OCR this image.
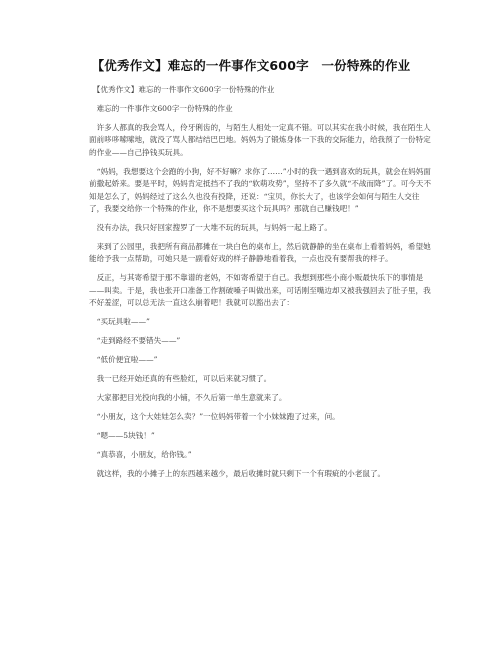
【优秀作文】难忘的一件事作文600字　一份特殊的作业

　【优秀作文】难忘的一件事作文600字一份特殊的作业

　难忘的一件事作文600字一份特殊的作业

　许多人都真的我会骂人，伶牙俐齿的，与陌生人相处一定真不错。可以其实在我小时候，我在陌生人面前哆哆嗦嗦地，就没了骂人都结结巴巴地。妈妈为了锻炼身体一下我的交际能力，给我预了一份特定的作业——自己挣钱买玩具。

　“妈妈，我想要这个会跑的小狗，好不好嘛？求你了……”小时的我一遇到喜欢的玩具，就会在妈妈面前撒起娇来。要是平时，妈妈肯定抵挡不了我的“软萌攻势”，坚持不了多久就“不战而降”了。可今天不知是怎么了，妈妈经过了这么久也没有投降，还说：“宝贝，你长大了，也该学会如何与陌生人交往了，我要交给你一个特殊的作业，你不是想要买这个玩具吗？那就自己赚钱吧！”

　没有办法，我只好回家搜罗了一大堆不玩的玩具，与妈妈一起上路了。

　来到了公园里，我把所有商品都摊在一块白色的桌布上，然后就静静的坐在桌布上看着妈妈，希望她能给予我一点帮助，可她只是一副看好戏的样子静静地看着我，一点也没有要帮我的样子。

　反正，与其寄希望于那不靠谱的老妈，不如寄希望于自己。我想到那些小商小贩最快乐下的事情是——叫卖。于是，我也张开口准备工作割破嗓子叫做出来，可话刚至嘴边却又被我强回去了肚子里，我不好羞涩，可以总无法一直这么崩着吧！我就可以豁出去了：

　“买玩具啦——”

　“走到路经不要错失——”

　“低价便宜啦——”

　我一已经开始还真的有些脸红，可以后来就习惯了。

　大家都把目光投向我的小铺，不久后第一单生意就来了。

　“小朋友，这个大娃娃怎么卖？”一位妈妈带着一个小妹妹跑了过来，问。

　“嗯——5块钱！”

　“真恭喜，小朋友，给你钱。”

　就这样，我的小摊子上的东西越来越少，最后收摊时就只剩下一个有瑕疵的小老鼠了。
